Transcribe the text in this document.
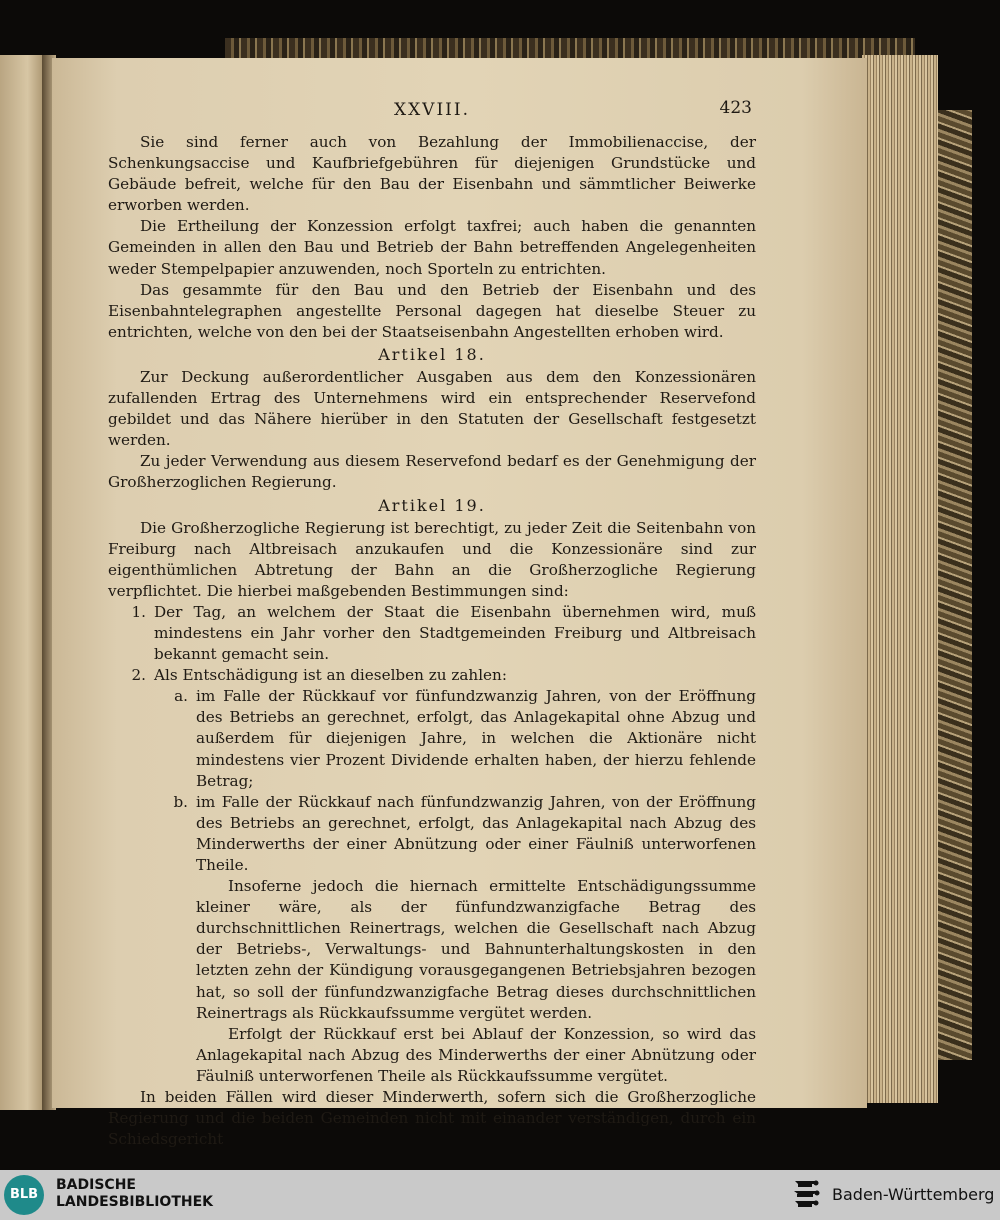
XXVIII.	423

Sie sind ferner auch von Bezahlung der Immobilienaccise, der Schenkungsaccise und Kaufbriefgebühren für diejenigen Grundstücke und Gebäude befreit, welche für den Bau der Eisenbahn und sämmtlicher Beiwerke erworben werden.

Die Ertheilung der Konzession erfolgt taxfrei; auch haben die genannten Gemeinden in allen den Bau und Betrieb der Bahn betreffenden Angelegenheiten weder Stempelpapier anzuwenden, noch Sporteln zu entrichten.

Das gesammte für den Bau und den Betrieb der Eisenbahn und des Eisenbahntelegraphen angestellte Personal dagegen hat dieselbe Steuer zu entrichten, welche von den bei der Staatseisenbahn Angestellten erhoben wird.

Artikel 18.

Zur Deckung außerordentlicher Ausgaben aus dem den Konzessionären zufallenden Ertrag des Unternehmens wird ein entsprechender Reservefond gebildet und das Nähere hierüber in den Statuten der Gesellschaft festgesetzt werden.

Zu jeder Verwendung aus diesem Reservefond bedarf es der Genehmigung der Großherzoglichen Regierung.

Artikel 19.

Die Großherzogliche Regierung ist berechtigt, zu jeder Zeit die Seitenbahn von Freiburg nach Altbreisach anzukaufen und die Konzessionäre sind zur eigenthümlichen Abtretung der Bahn an die Großherzogliche Regierung verpflichtet. Die hierbei maßgebenden Bestimmungen sind:

1. Der Tag, an welchem der Staat die Eisenbahn übernehmen wird, muß mindestens ein Jahr vorher den Stadtgemeinden Freiburg und Altbreisach bekannt gemacht sein.

2. Als Entschädigung ist an dieselben zu zahlen:

a. im Falle der Rückkauf vor fünfundzwanzig Jahren, von der Eröffnung des Betriebs an gerechnet, erfolgt, das Anlagekapital ohne Abzug und außerdem für diejenigen Jahre, in welchen die Aktionäre nicht mindestens vier Prozent Dividende erhalten haben, der hierzu fehlende Betrag;

b. im Falle der Rückkauf nach fünfundzwanzig Jahren, von der Eröffnung des Betriebs an gerechnet, erfolgt, das Anlagekapital nach Abzug des Minderwerths der einer Abnützung oder einer Fäulniß unterworfenen Theile.

Insoferne jedoch die hiernach ermittelte Entschädigungssumme kleiner wäre, als der fünfundzwanzigfache Betrag des durchschnittlichen Reinertrags, welchen die Gesellschaft nach Abzug der Betriebs-, Verwaltungs- und Bahnunterhaltungskosten in den letzten zehn der Kündigung vorausgegangenen Betriebsjahren bezogen hat, so soll der fünfundzwanzigfache Betrag dieses durchschnittlichen Reinertrags als Rückkaufssumme vergütet werden.

Erfolgt der Rückkauf erst bei Ablauf der Konzession, so wird das Anlagekapital nach Abzug des Minderwerths der einer Abnützung oder Fäulniß unterworfenen Theile als Rückkaufssumme vergütet.

In beiden Fällen wird dieser Minderwerth, sofern sich die Großherzogliche Regierung und die beiden Gemeinden nicht mit einander verständigen, durch ein Schiedsgericht

BLB
BADISCHE
LANDESBIBLIOTHEK	Baden-Württemberg
